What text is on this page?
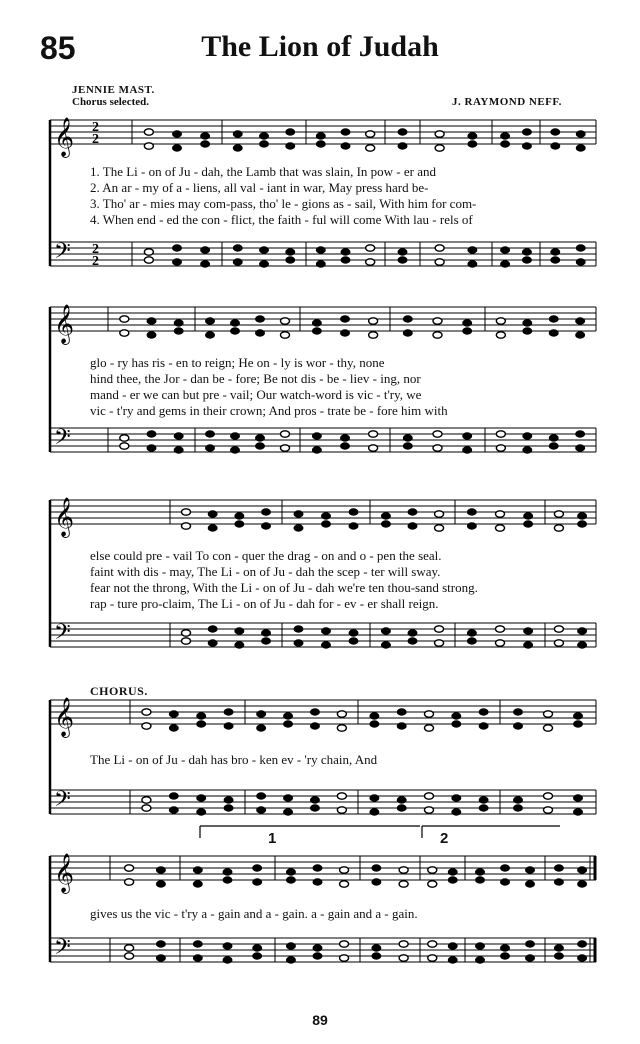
85	The Lion of Judah
JENNIE MAST.
Chorus selected.	J. RAYMOND NEFF.
𝄞
𝄢
𝄞
𝄢
𝄞
𝄢
𝄞
𝄢
𝄞
𝄢
2
2
2
2
1. The Li - on of Ju - dah, the Lamb that was slain, In pow - er and
2. An ar - my of a - liens, all val - iant in war, May press hard be-
3. Tho' ar - mies may com-pass, tho' le - gions as - sail, With him for com-
4. When end - ed the con - flict, the faith - ful will come With lau - rels of
glo - ry has ris - en to reign; He on - ly is wor - thy, none
hind thee, the Jor - dan be - fore; Be not dis - be - liev - ing, nor
mand - er we can but pre - vail; Our watch-word is vic - t'ry, we
vic - t'ry and gems in their crown; And pros - trate be - fore him with
else could pre - vail To con - quer the drag - on and o - pen the seal.
faint with dis - may, The Li - on of Ju - dah the scep - ter will sway.
fear not the throng, With the Li - on of Ju - dah we're ten thou-sand strong.
rap - ture pro-claim, The Li - on of Ju - dah for - ev - er shall reign.
CHORUS.
The Li - on of Ju - dah has bro - ken ev - 'ry chain, And
gives us the vic - t'ry a - gain and a - gain. a - gain and a - gain.
1	2
89
